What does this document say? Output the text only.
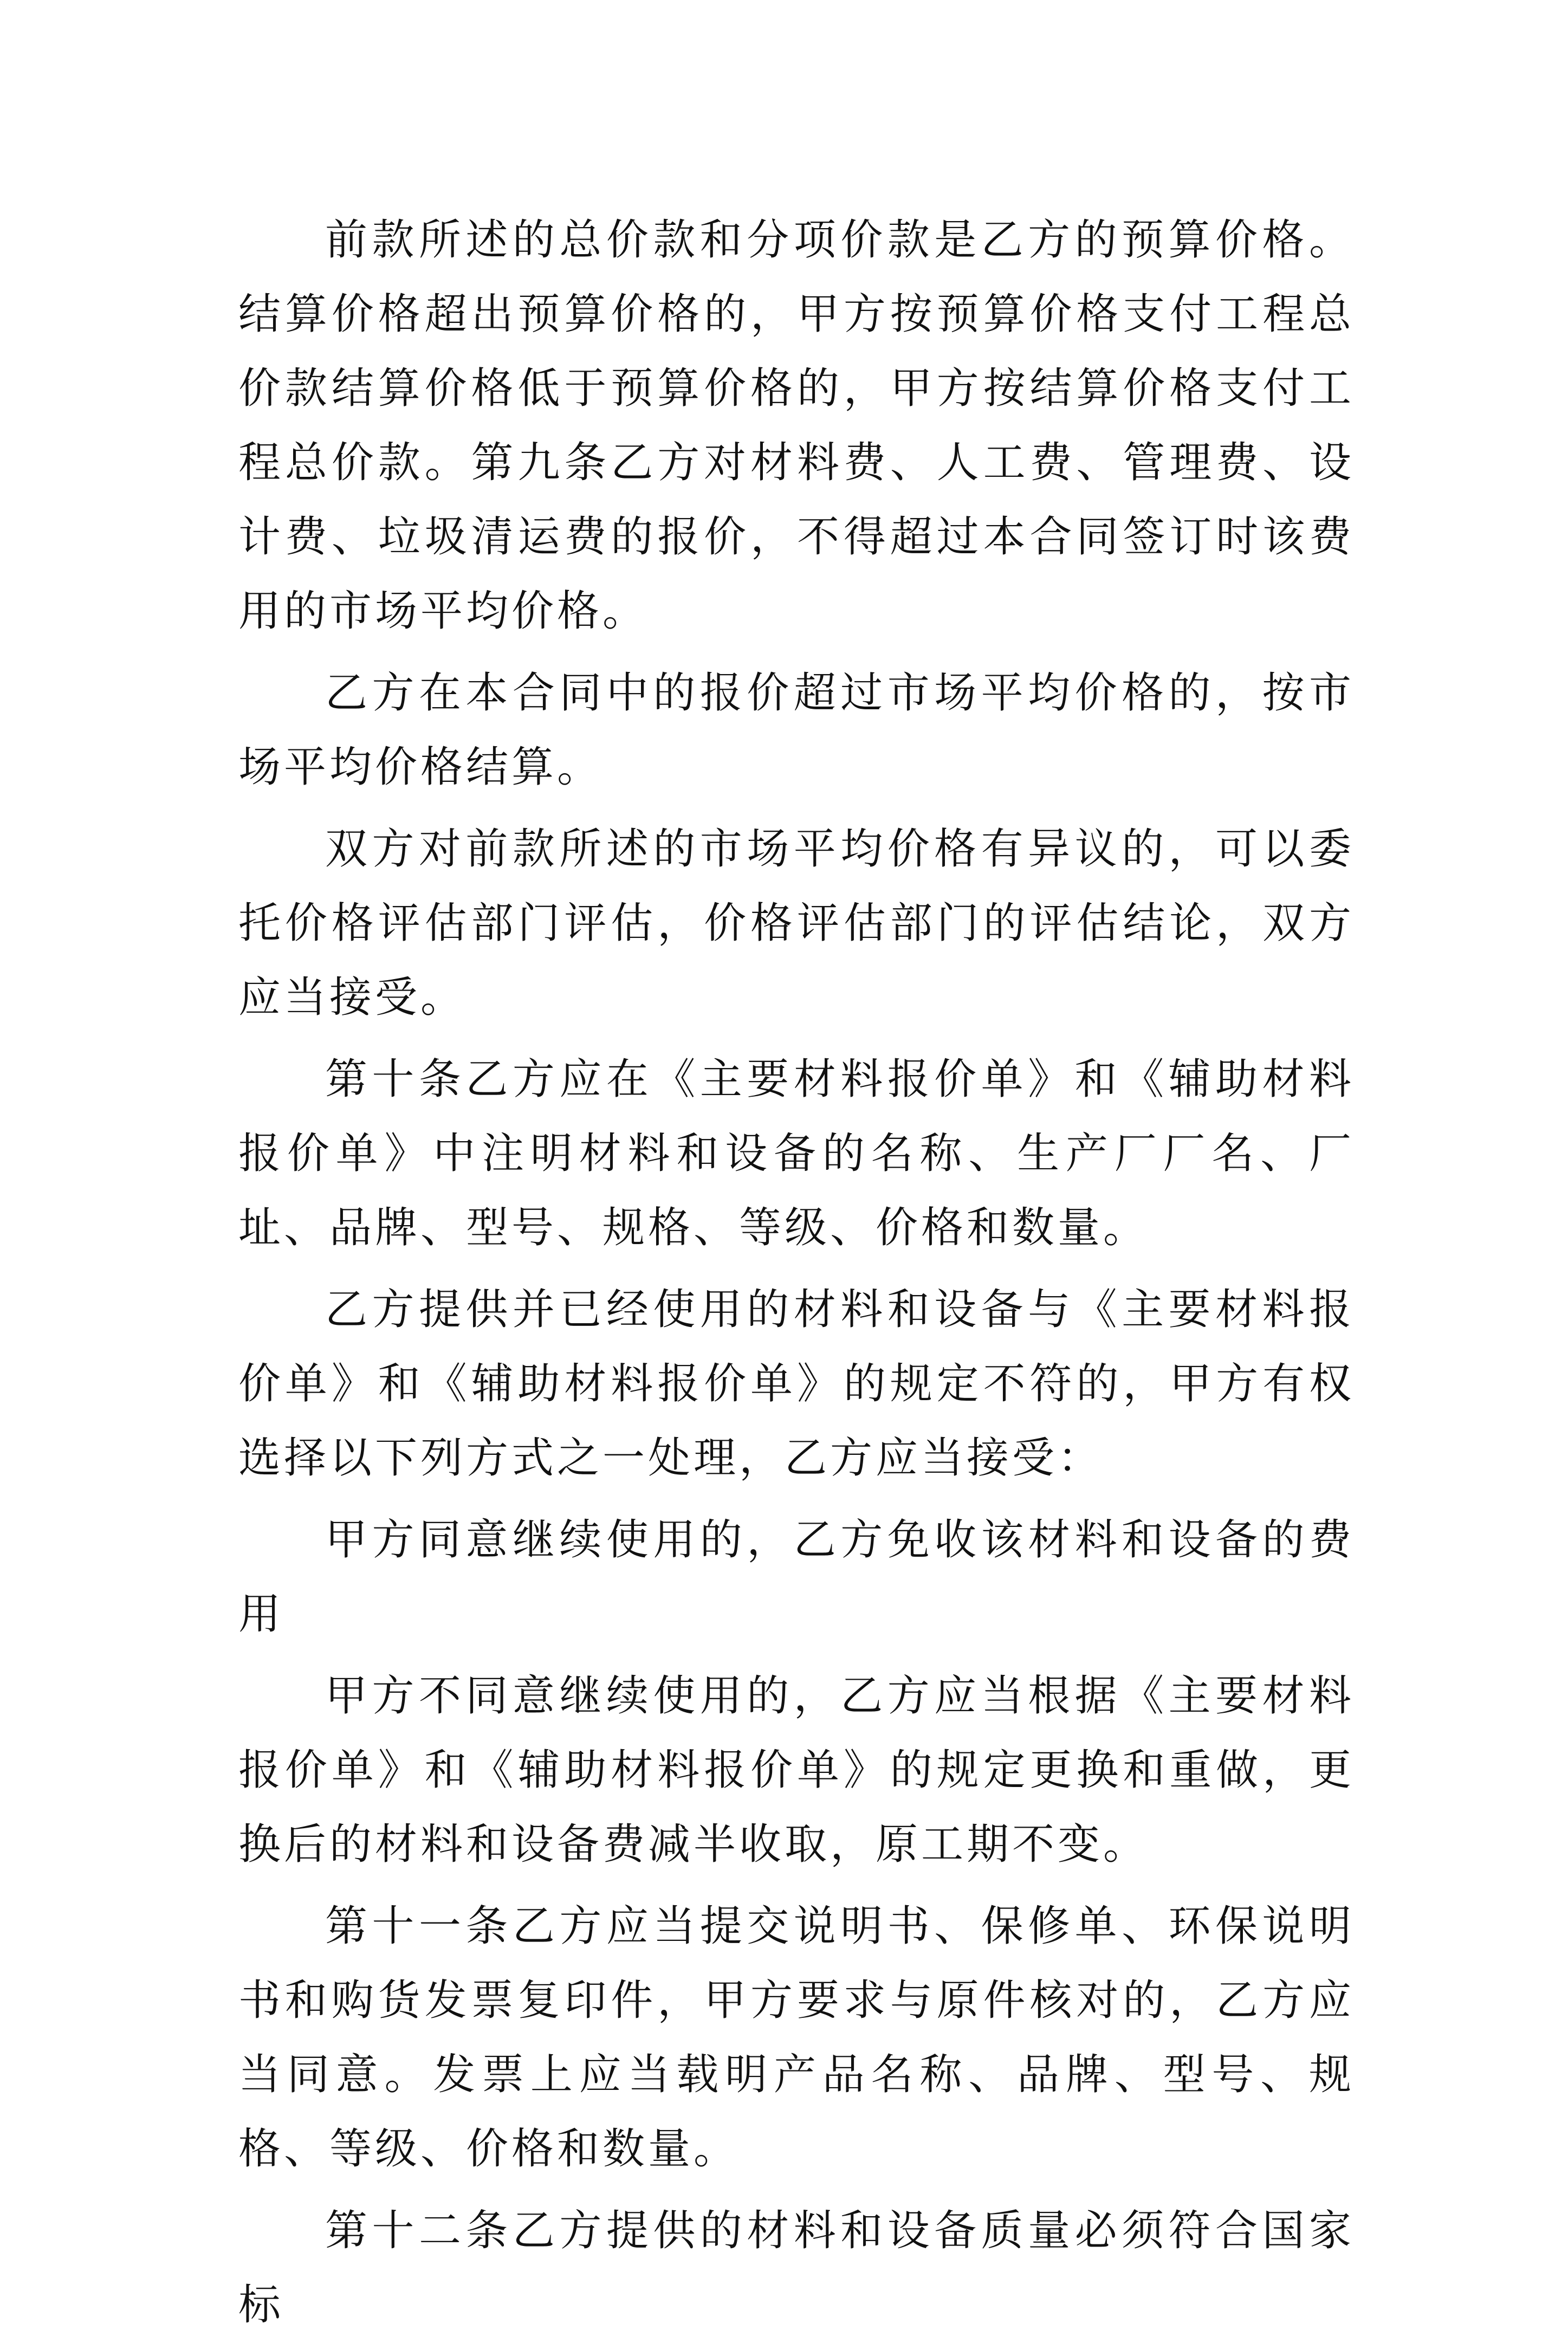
前款所述的总价款和分项价款是乙方的预算价格。结算价格超出预算价格的，甲方按预算价格支付工程总价款结算价格低于预算价格的，甲方按结算价格支付工程总价款。第九条乙方对材料费、人工费、管理费、设计费、垃圾清运费的报价，不得超过本合同签订时该费用的市场平均价格。

乙方在本合同中的报价超过市场平均价格的，按市场平均价格结算。

双方对前款所述的市场平均价格有异议的，可以委托价格评估部门评估，价格评估部门的评估结论，双方应当接受。

第十条乙方应在《主要材料报价单》和《辅助材料报价单》中注明材料和设备的名称、生产厂厂名、厂址、品牌、型号、规格、等级、价格和数量。

乙方提供并已经使用的材料和设备与《主要材料报价单》和《辅助材料报价单》的规定不符的，甲方有权选择以下列方式之一处理，乙方应当接受：

甲方同意继续使用的，乙方免收该材料和设备的费用

甲方不同意继续使用的，乙方应当根据《主要材料报价单》和《辅助材料报价单》的规定更换和重做，更换后的材料和设备费减半收取，原工期不变。

第十一条乙方应当提交说明书、保修单、环保说明书和购货发票复印件，甲方要求与原件核对的，乙方应当同意。发票上应当载明产品名称、品牌、型号、规格、等级、价格和数量。

第十二条乙方提供的材料和设备质量必须符合国家标
